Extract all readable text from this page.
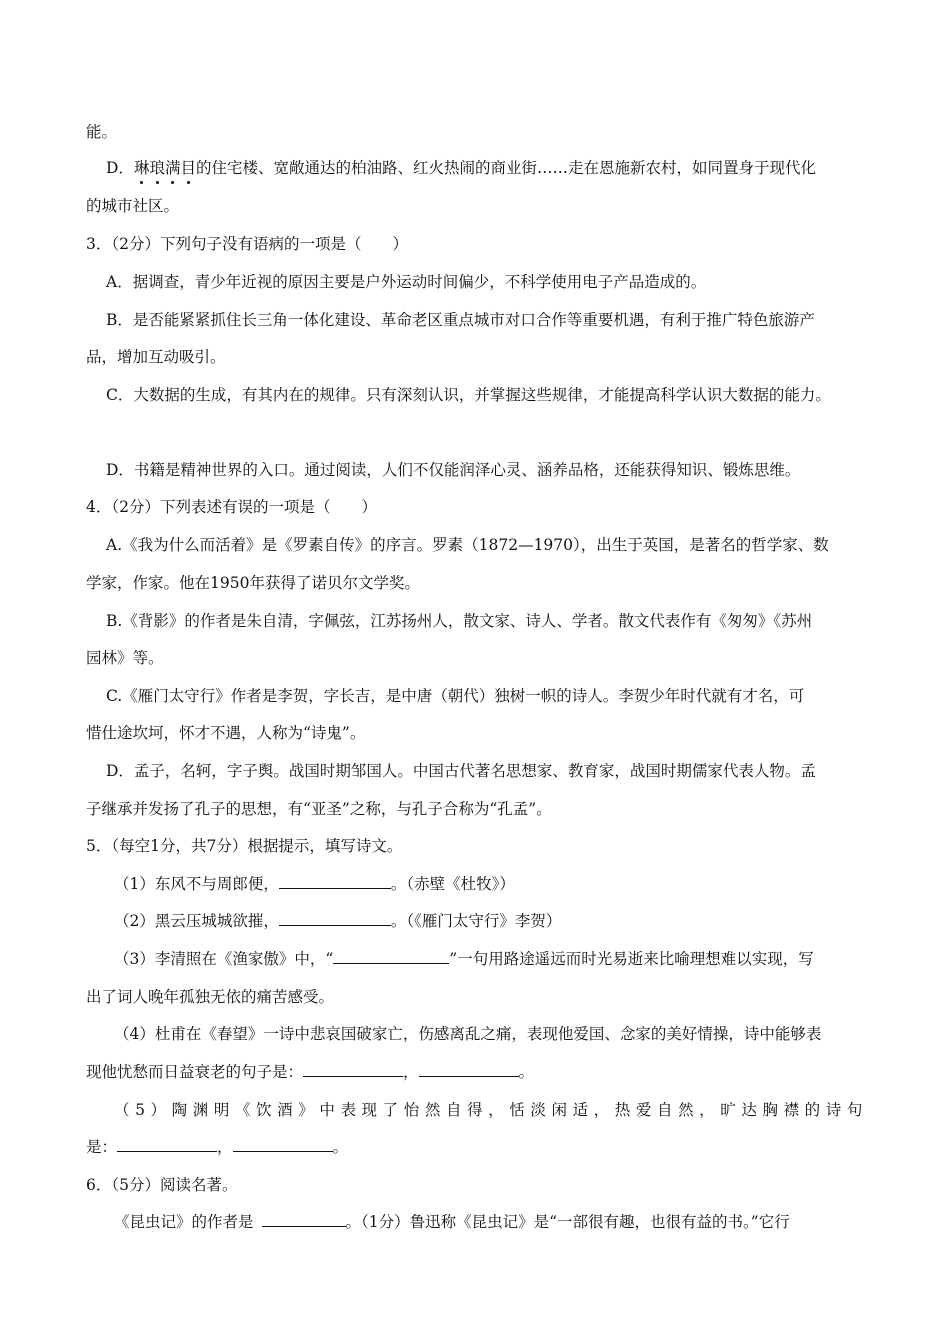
能。
D．琳琅满目的住宅楼、宽敞通达的柏油路、红火热闹的商业街……走在恩施新农村，如同置身于现代化
的城市社区。
3．（2分）下列句子没有语病的一项是（　　）
A．据调查，青少年近视的原因主要是户外运动时间偏少，不科学使用电子产品造成的。
B．是否能紧紧抓住长三角一体化建设、革命老区重点城市对口合作等重要机遇，有利于推广特色旅游产
品，增加互动吸引。
C．大数据的生成，有其内在的规律。只有深刻认识，并掌握这些规律，才能提高科学认识大数据的能力。
D．书籍是精神世界的入口。通过阅读，人们不仅能润泽心灵、涵养品格，还能获得知识、锻炼思维。
4．（2分）下列表述有误的一项是（　　）
A.《我为什么而活着》是《罗素自传》的序言。罗素（1872—1970），出生于英国，是著名的哲学家、数
学家，作家。他在1950年获得了诺贝尔文学奖。
B.《背影》的作者是朱自清，字佩弦，江苏扬州人，散文家、诗人、学者。散文代表作有《匆匆》《苏州
园林》等。
C.《雁门太守行》作者是李贺，字长吉，是中唐（朝代）独树一帜的诗人。李贺少年时代就有才名，可
惜仕途坎坷，怀才不遇，人称为“诗鬼”。
D．孟子，名轲，字子舆。战国时期邹国人。中国古代著名思想家、教育家，战国时期儒家代表人物。孟
子继承并发扬了孔子的思想，有“亚圣”之称，与孔子合称为“孔孟”。
5．（每空1分，共7分）根据提示，填写诗文。
（1）东风不与周郎便，	。（赤壁《杜牧》）
（2）黑云压城城欲摧，	。（《雁门太守行》李贺）
（3）李清照在《渔家傲》中，“	”一句用路途遥远而时光易逝来比喻理想难以实现，写
出了词人晚年孤独无依的痛苦感受。
（4）杜甫在《春望》一诗中悲哀国破家亡，伤感离乱之痛，表现他爱国、念家的美好情操，诗中能够表
现他忧愁而日益衰老的句子是：	，	。
（5）陶渊明《饮酒》中表现了怡然自得，恬淡闲适，热爱自然，旷达胸襟的诗句
是：	，	。
6．（5分）阅读名著。
《昆虫记》的作者是	。（1分）鲁迅称《昆虫记》是“一部很有趣，也很有益的书。”它行
